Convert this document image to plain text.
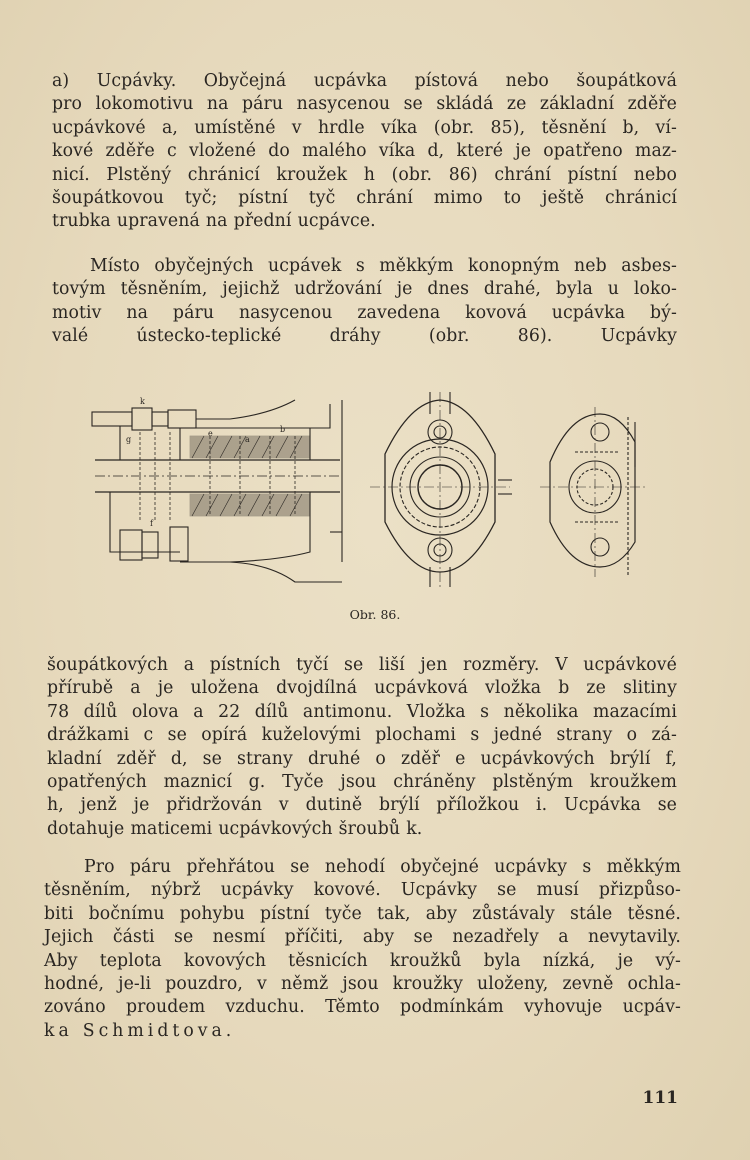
a) Ucpávky. Obyčejná ucpávka pístová nebo šoupátková
pro lokomotivu na páru nasycenou se skládá ze základní zděře
ucpávkové a, umístěné v hrdle víka (obr. 85), těsnění b, ví-
kové zděře c vložené do malého víka d, které je opatřeno maz-
nicí. Plstěný chránicí kroužek h (obr. 86) chrání pístní nebo
šoupátkovou tyč; pístní tyč chrání mimo to ještě chránicí
trubka upravená na přední ucpávce.
Místo obyčejných ucpávek s měkkým konopným neb asbes-
tovým těsněním, jejichž udržování je dnes drahé, byla u loko-
motiv na páru nasycenou zavedena kovová ucpávka bý-
valé ústecko-teplické dráhy (obr. 86). Ucpávky
k
g
e
a
f
b
Obr. 86.
šoupátkových a pístních tyčí se liší jen rozměry. V ucpávkové
přírubě a je uložena dvojdílná ucpávková vložka b ze slitiny
78 dílů olova a 22 dílů antimonu. Vložka s několika mazacími
drážkami c se opírá kuželovými plochami s jedné strany o zá-
kladní zděř d, se strany druhé o zděř e ucpávkových brýlí f,
opatřených maznicí g. Tyče jsou chráněny plstěným kroužkem
h, jenž je přidržován v dutině brýlí příložkou i. Ucpávka se
dotahuje maticemi ucpávkových šroubů k.
Pro páru přehřátou se nehodí obyčejné ucpávky s měkkým
těsněním, nýbrž ucpávky kovové. Ucpávky se musí přizpůso-
biti bočnímu pohybu pístní tyče tak, aby zůstávaly stále těsné.
Jejich části se nesmí příčiti, aby se nezadřely a nevytavily.
Aby teplota kovových těsnicích kroužků byla nízká, je vý-
hodné, je-li pouzdro, v němž jsou kroužky uloženy, zevně ochla-
zováno proudem vzduchu. Těmto podmínkám vyhovuje ucpáv-
ka Schmidtova.
111
